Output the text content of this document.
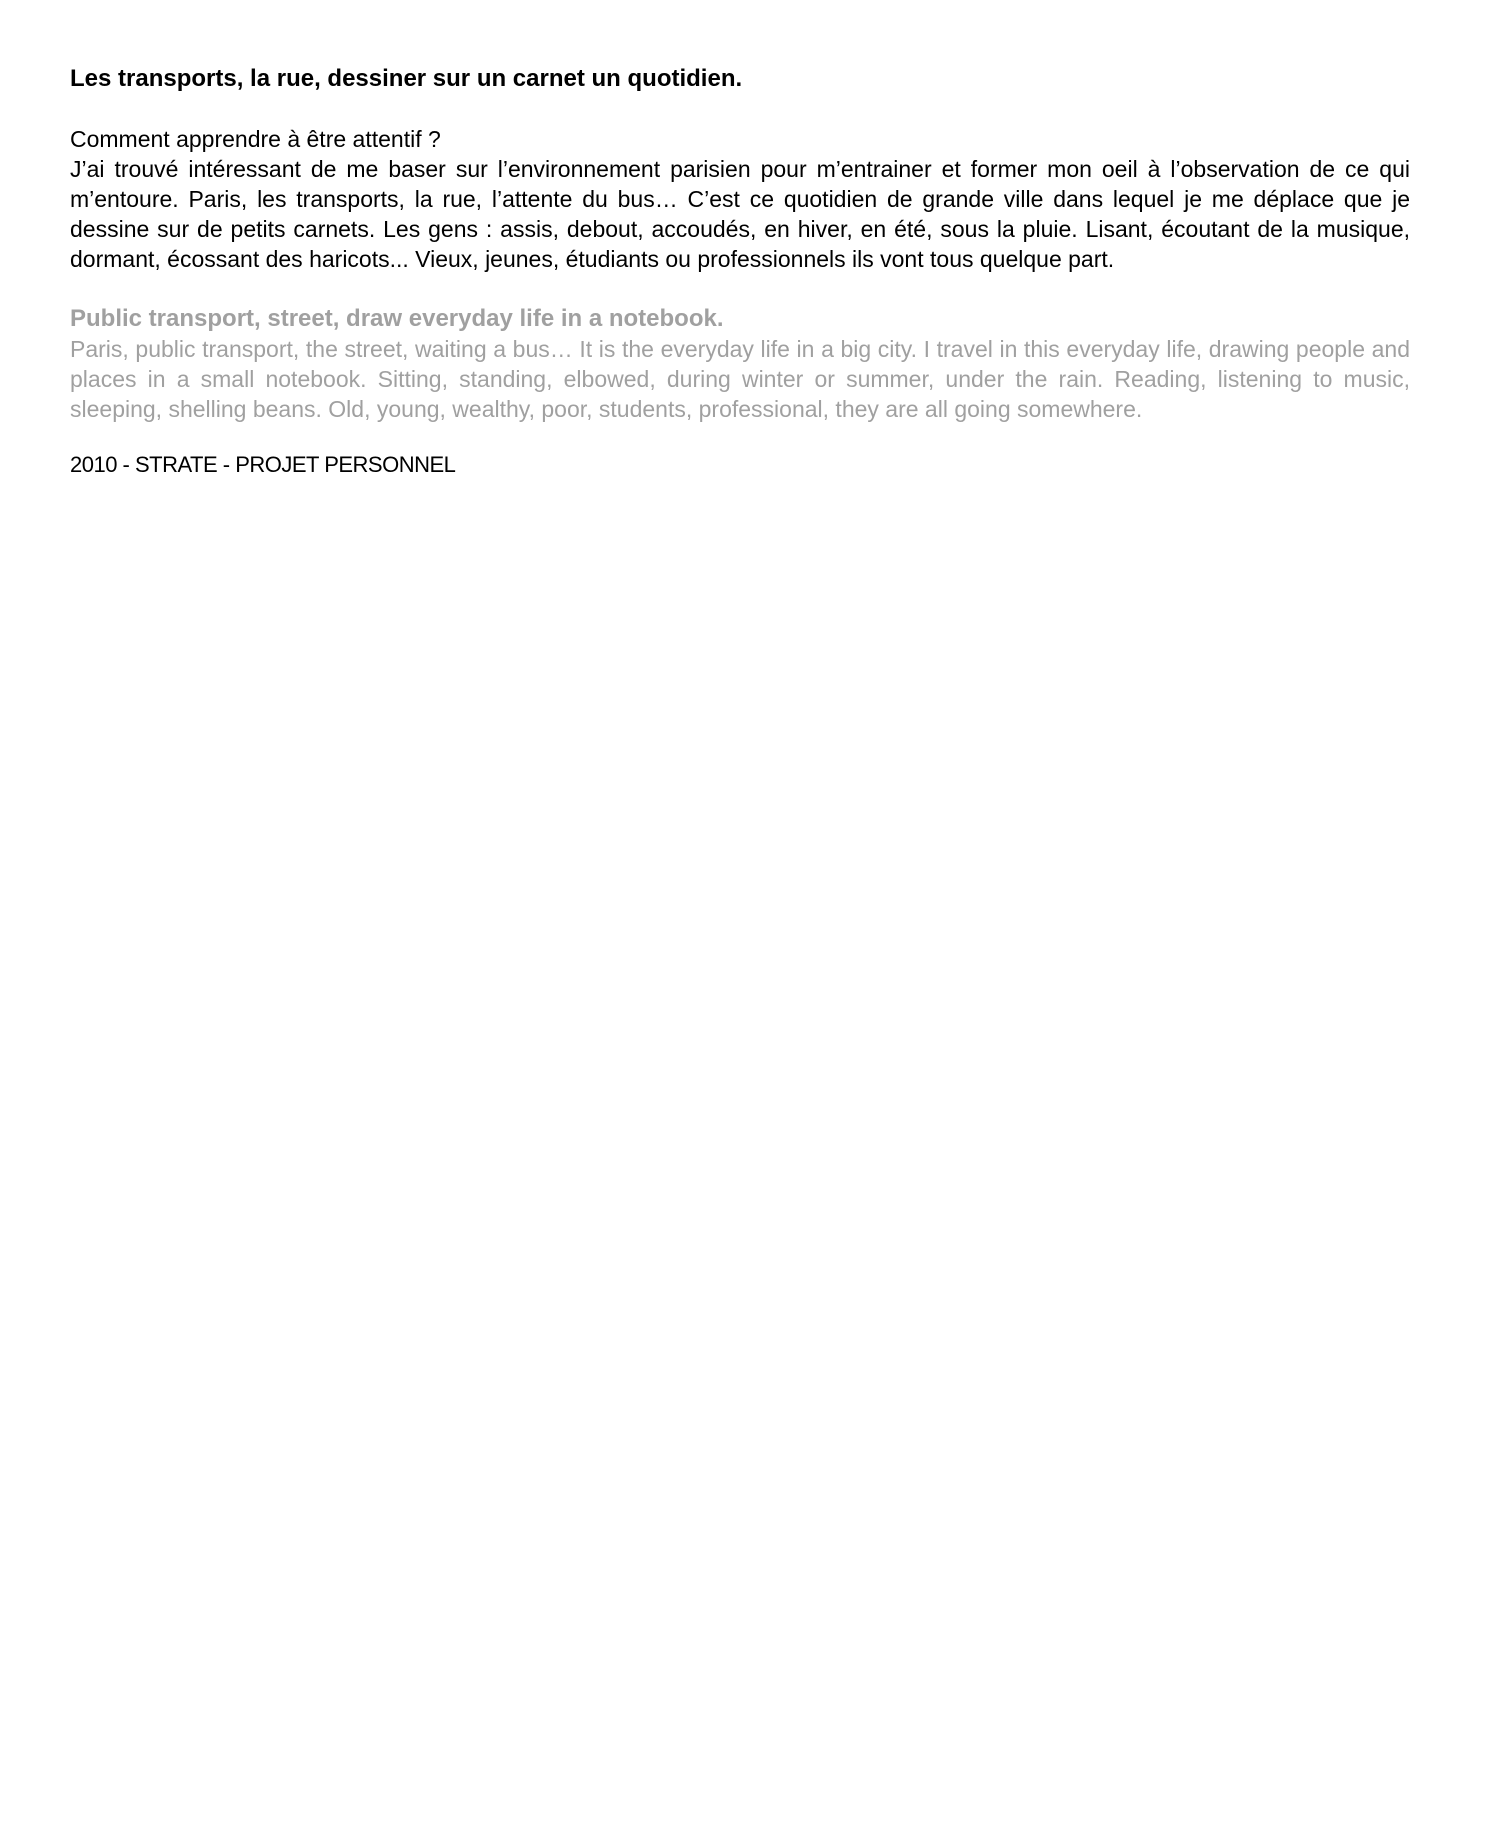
Les transports, la rue, dessiner sur un carnet un quotidien.

Comment apprendre à être attentif ?

J’ai trouvé intéressant de me baser sur l’environnement parisien pour m’entrainer et former mon oeil à l’observation de ce qui m’entoure. Paris, les transports, la rue, l’attente du bus… C’est ce quotidien de grande ville dans lequel je me déplace que je dessine sur de petits carnets. Les gens : assis, debout, accoudés, en hiver, en été, sous la pluie. Lisant, écoutant de la musique, dormant, écossant des haricots... Vieux, jeunes, étudiants ou professionnels ils vont tous quelque part.

Public transport, street, draw everyday life in a notebook.

Paris, public transport, the street, waiting a bus… It is the everyday life in a big city. I travel in this everyday life, drawing people and places in a small notebook. Sitting, standing, elbowed, during winter or summer, under the rain. Reading, listening to music, sleeping, shelling beans. Old, young, wealthy, poor, students, professional, they are all going somewhere.

2010 - STRATE - PROJET PERSONNEL
